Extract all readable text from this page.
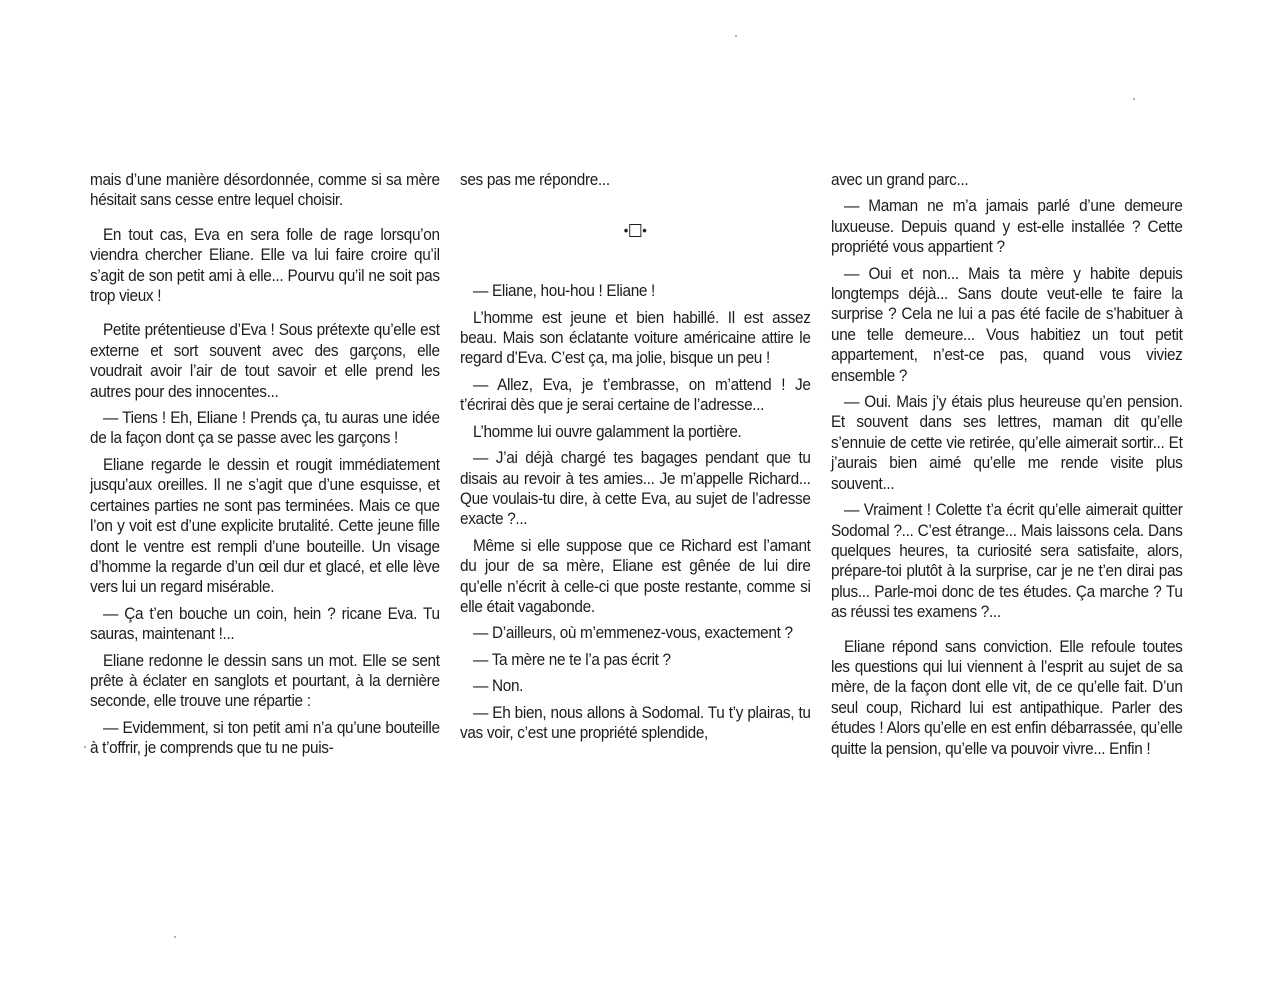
mais d’une manière désordonnée, comme si sa mère hésitait sans cesse entre lequel choisir.

En tout cas, Eva en sera folle de rage lorsqu’on viendra chercher Eliane. Elle va lui faire croire qu’il s’agit de son petit ami à elle... Pourvu qu’il ne soit pas trop vieux !

Petite prétentieuse d’Eva ! Sous prétexte qu’elle est externe et sort souvent avec des garçons, elle voudrait avoir l’air de tout savoir et elle prend les autres pour des innocentes...

— Tiens ! Eh, Eliane ! Prends ça, tu auras une idée de la façon dont ça se passe avec les garçons !

Eliane regarde le dessin et rougit immédiatement jusqu’aux oreilles. Il ne s’agit que d’une esquisse, et certaines parties ne sont pas terminées. Mais ce que l’on y voit est d’une explicite brutalité. Cette jeune fille dont le ventre est rempli d’une bouteille. Un visage d’homme la regarde d’un œil dur et glacé, et elle lève vers lui un regard misérable.

— Ça t’en bouche un coin, hein ? ricane Eva. Tu sauras, maintenant !...

Eliane redonne le dessin sans un mot. Elle se sent prête à éclater en sanglots et pourtant, à la dernière seconde, elle trouve une répartie :

— Evidemment, si ton petit ami n’a qu’une bouteille à t’offrir, je comprends que tu ne puis-

ses pas me répondre...

• •

— Eliane, hou-hou ! Eliane !

L’homme est jeune et bien habillé. Il est assez beau. Mais son éclatante voiture américaine attire le regard d’Eva. C’est ça, ma jolie, bisque un peu !

— Allez, Eva, je t’embrasse, on m’attend ! Je t’écrirai dès que je serai certaine de l’adresse...

L’homme lui ouvre galamment la portière.

— J’ai déjà chargé tes bagages pendant que tu disais au revoir à tes amies... Je m’appelle Richard... Que voulais-tu dire, à cette Eva, au sujet de l’adresse exacte ?...

Même si elle suppose que ce Richard est l’amant du jour de sa mère, Eliane est gênée de lui dire qu’elle n’écrit à celle-ci que poste restante, comme si elle était vagabonde.

— D’ailleurs, où m’emmenez-vous, exactement ?

— Ta mère ne te l’a pas écrit ?

— Non.

— Eh bien, nous allons à Sodomal. Tu t’y plairas, tu vas voir, c’est une propriété splendide,

avec un grand parc...

— Maman ne m’a jamais parlé d’une demeure luxueuse. Depuis quand y est-elle installée ? Cette propriété vous appartient ?

— Oui et non... Mais ta mère y habite depuis longtemps déjà... Sans doute veut-elle te faire la surprise ? Cela ne lui a pas été facile de s’habituer à une telle demeure... Vous habitiez un tout petit appartement, n’est-ce pas, quand vous viviez ensemble ?

— Oui. Mais j’y étais plus heureuse qu’en pension. Et souvent dans ses lettres, maman dit qu’elle s’ennuie de cette vie retirée, qu’elle aimerait sortir... Et j’aurais bien aimé qu’elle me rende visite plus souvent...

— Vraiment ! Colette t’a écrit qu’elle aimerait quitter Sodomal ?... C’est étrange... Mais laissons cela. Dans quelques heures, ta curiosité sera satisfaite, alors, prépare-toi plutôt à la surprise, car je ne t’en dirai pas plus... Parle-moi donc de tes études. Ça marche ? Tu as réussi tes examens ?...

Eliane répond sans conviction. Elle refoule toutes les questions qui lui viennent à l’esprit au sujet de sa mère, de la façon dont elle vit, de ce qu’elle fait. D’un seul coup, Richard lui est antipathique. Parler des études ! Alors qu’elle en est enfin débarrassée, qu’elle quitte la pension, qu’elle va pouvoir vivre... Enfin !
